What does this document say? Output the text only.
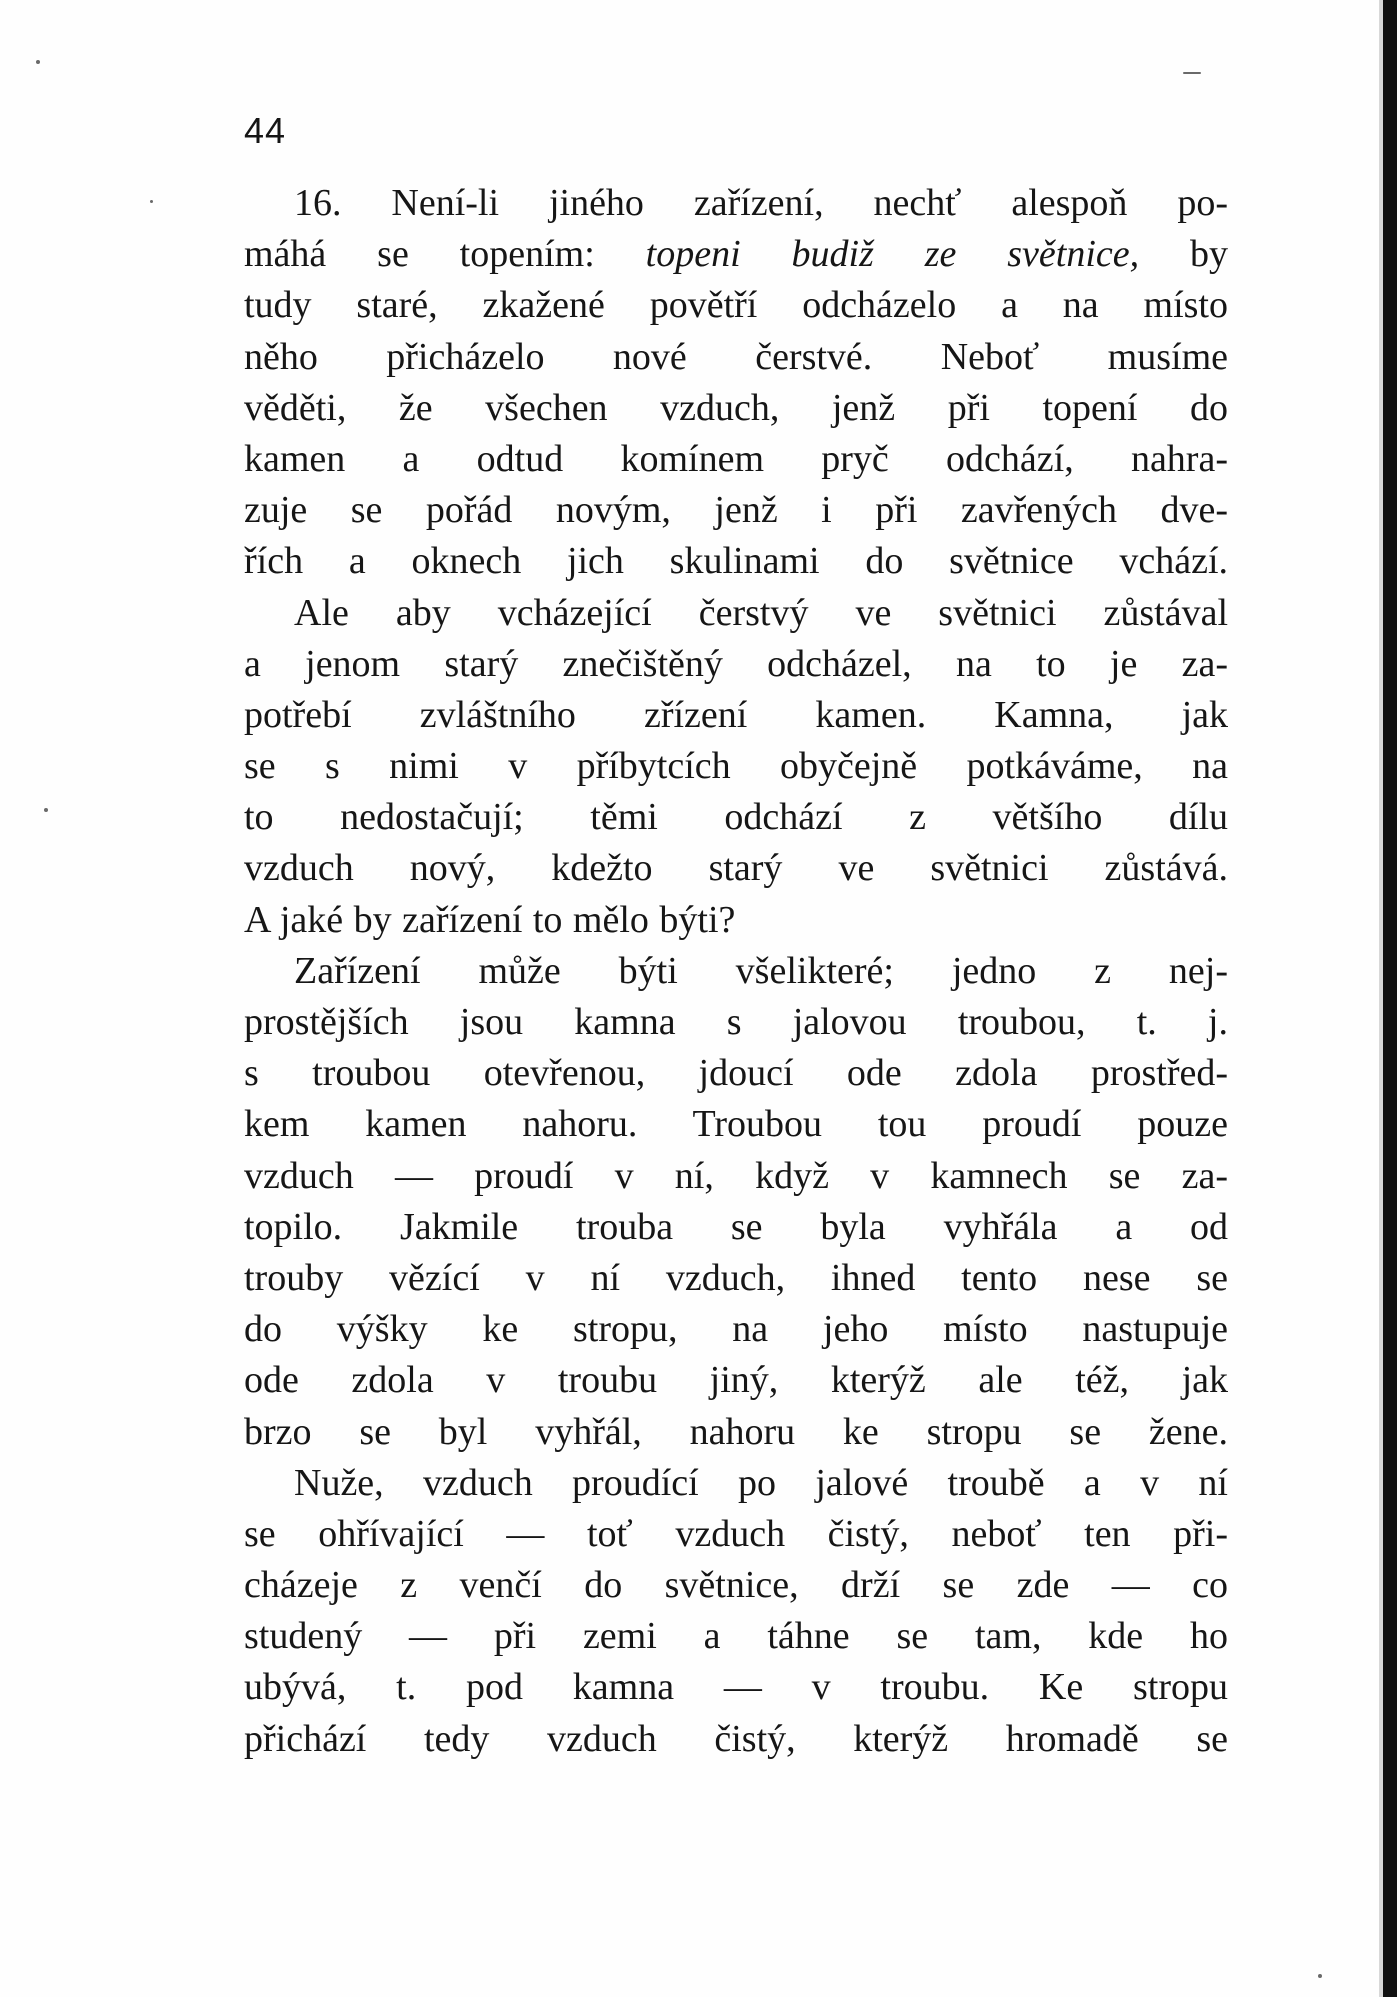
44
16. Není-li jiného zařízení, nechť alespoň po-
máhá se topením: topeni budiž ze světnice, by
tudy staré, zkažené povětří odcházelo a na místo
něho přicházelo nové čerstvé. Neboť musíme
věděti, že všechen vzduch, jenž při topení do
kamen a odtud komínem pryč odchází, nahra-
zuje se pořád novým, jenž i při zavřených dve-
řích a oknech jich skulinami do světnice vchází.
Ale aby vcházející čerstvý ve světnici zůstával
a jenom starý znečištěný odcházel, na to je za-
potřebí zvláštního zřízení kamen. Kamna, jak
se s nimi v příbytcích obyčejně potkáváme, na
to nedostačují; těmi odchází z většího dílu
vzduch nový, kdežto starý ve světnici zůstává.
A jaké by zařízení to mělo býti?
Zařízení může býti všelikteré; jedno z nej-
prostějších jsou kamna s jalovou troubou, t. j.
s troubou otevřenou, jdoucí ode zdola prostřed-
kem kamen nahoru. Troubou tou proudí pouze
vzduch — proudí v ní, když v kamnech se za-
topilo. Jakmile trouba se byla vyhřála a od
trouby vězící v ní vzduch, ihned tento nese se
do výšky ke stropu, na jeho místo nastupuje
ode zdola v troubu jiný, kterýž ale též, jak
brzo se byl vyhřál, nahoru ke stropu se žene.
Nuže, vzduch proudící po jalové troubě a v ní
se ohřívající — toť vzduch čistý, neboť ten při-
cházeje z venčí do světnice, drží se zde — co
studený — při zemi a táhne se tam, kde ho
ubývá, t. pod kamna — v troubu. Ke stropu
přichází tedy vzduch čistý, kterýž hromadě se
